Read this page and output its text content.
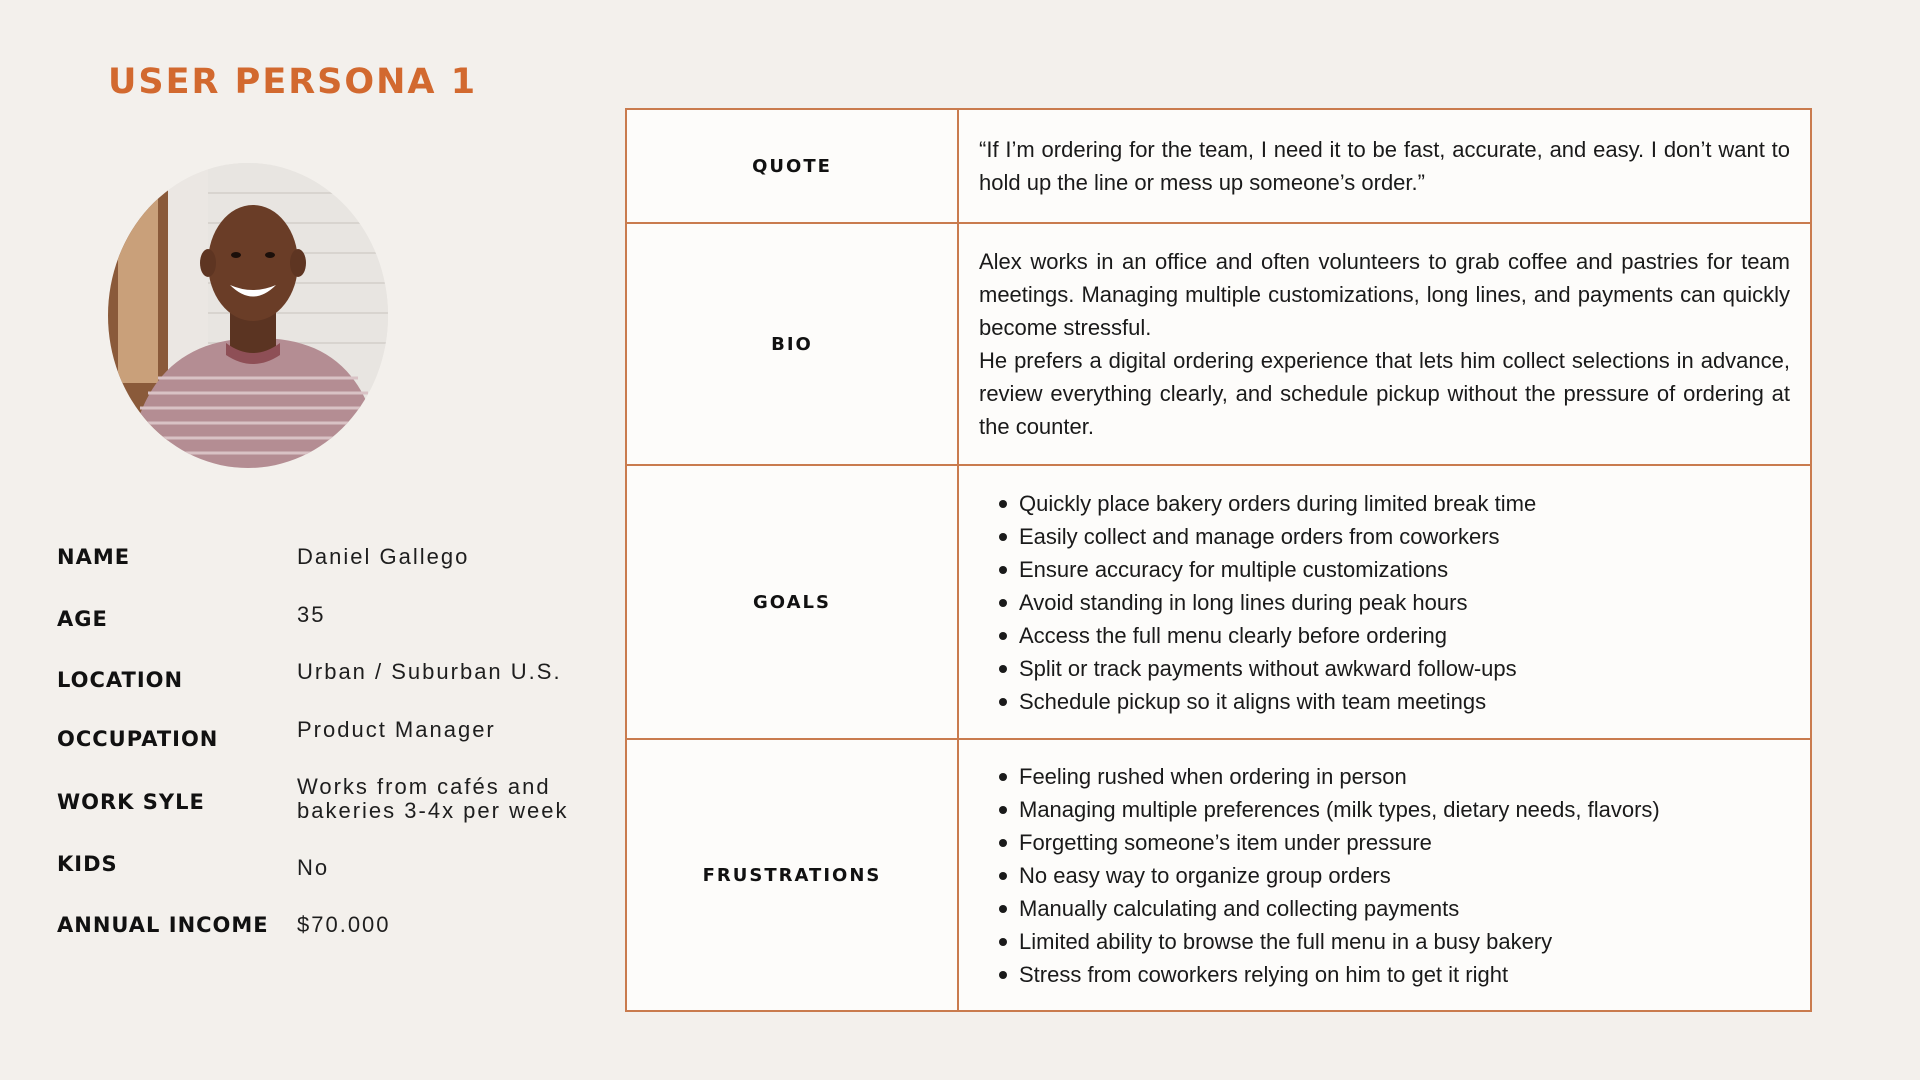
USER PERSONA 1
NAME	Daniel Gallego
AGE	35
LOCATION	Urban / Suburban U.S.
OCCUPATION	Product Manager
WORK SYLE
Works from cafés and
bakeries 3-4x per week
KIDS	No
ANNUAL INCOME $70.000
QUOTE

“If I’m ordering for the team, I need it to be fast, accurate, and easy. I don’t want to hold up the line or mess up someone’s order.”

BIO

Alex works in an office and often volunteers to grab coffee and pastries for team meetings. Managing multiple customizations, long lines, and payments can quickly become stressful.

He prefers a digital ordering experience that lets him collect selections in advance, review everything clearly, and schedule pickup without the pressure of ordering at the counter.

GOALS
Quickly place bakery orders during limited break time
Easily collect and manage orders from coworkers
Ensure accuracy for multiple customizations
Avoid standing in long lines during peak hours
Access the full menu clearly before ordering
Split or track payments without awkward follow-ups
Schedule pickup so it aligns with team meetings
FRUSTRATIONS
Feeling rushed when ordering in person
Managing multiple preferences (milk types, dietary needs, flavors)
Forgetting someone’s item under pressure
No easy way to organize group orders
Manually calculating and collecting payments
Limited ability to browse the full menu in a busy bakery
Stress from coworkers relying on him to get it right
